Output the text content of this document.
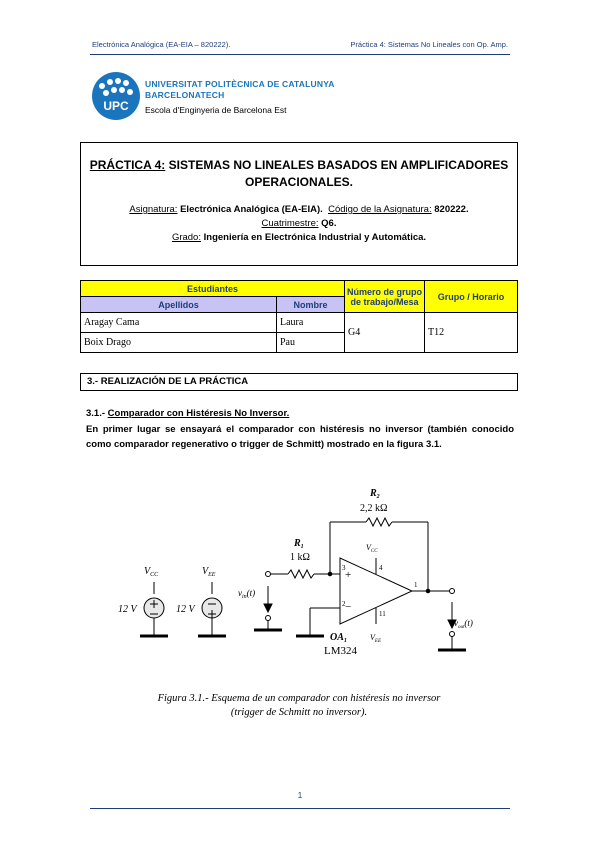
Electrónica Analógica (EA-EIA – 820222).	Práctica 4: Sistemas No Lineales con Op. Amp.
UPC
UNIVERSITAT POLITÈCNICA DE CATALUNYA
BARCELONATECH
Escola d'Enginyeria de Barcelona Est
PRÁCTICA 4: SISTEMAS NO LINEALES BASADOS EN AMPLIFICADORES OPERACIONALES.
Asignatura: Electrónica Analógica (EA-EIA). Código de la Asignatura: 820222.
Cuatrimestre: Q6.
Grado: Ingeniería en Electrónica Industrial y Automática.
Estudiantes		Número de grupo de trabajo/Mesa	Grupo / Horario
Apellidos	Nombre		
Aragay Cama	Laura	G4	T12
Boix Drago	Pau		
3.- REALIZACIÓN DE LA PRÁCTICA
3.1.- Comparador con Histéresis No Inversor.
En primer lugar se ensayará el comparador con histéresis no inversor (también conocido como comparador regenerativo o trigger de Schmitt) mostrado en la figura 3.1.
$V_{CC}$
12 V
$V_{EE}$
12 V
$v_{in}(t)$
$R_1$
1 kΩ
$R_2$
2,2 kΩ
+
−
3
2
4
11
$V_{CC}$
$V_{EE}$
1
$v_{out}(t)$
$OA_1$
LM324
Figura 3.1.- Esquema de un comparador con histéresis no inversor
(trigger de Schmitt no inversor).
1
